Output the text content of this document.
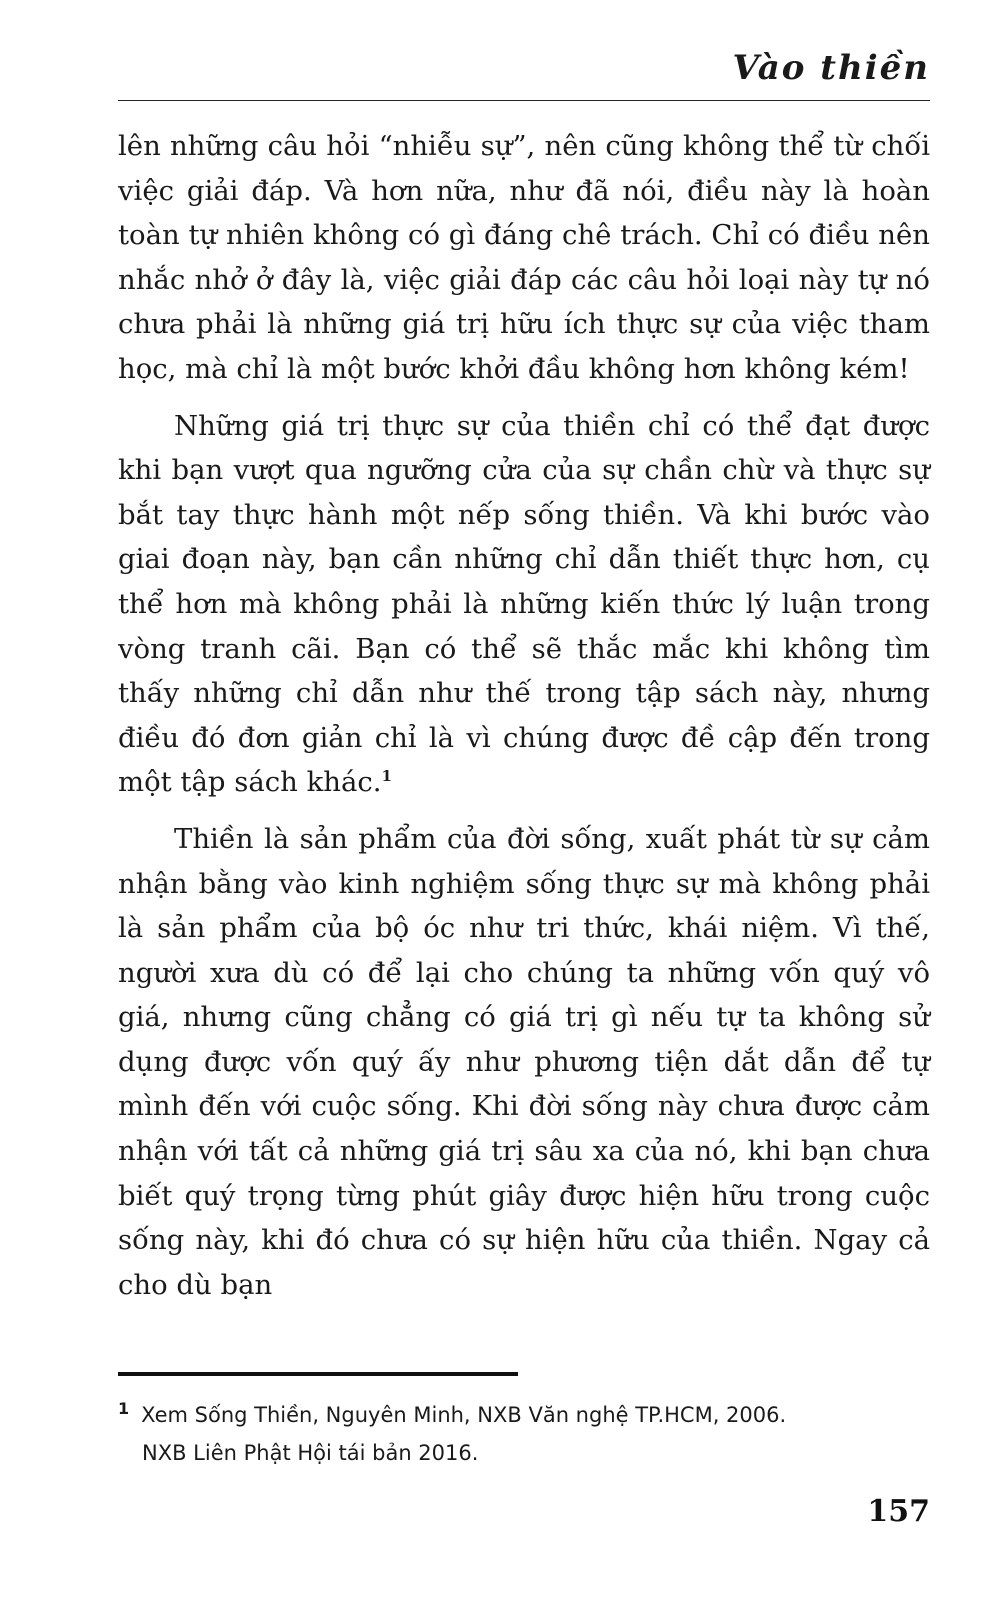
Vào thiền

lên những câu hỏi “nhiễu sự”, nên cũng không thể từ chối việc giải đáp. Và hơn nữa, như đã nói, điều này là hoàn toàn tự nhiên không có gì đáng chê trách. Chỉ có điều nên nhắc nhở ở đây là, việc giải đáp các câu hỏi loại này tự nó chưa phải là những giá trị hữu ích thực sự của việc tham học, mà chỉ là một bước khởi đầu không hơn không kém!

Những giá trị thực sự của thiền chỉ có thể đạt được khi bạn vượt qua ngưỡng cửa của sự chần chừ và thực sự bắt tay thực hành một nếp sống thiền. Và khi bước vào giai đoạn này, bạn cần những chỉ dẫn thiết thực hơn, cụ thể hơn mà không phải là những kiến thức lý luận trong vòng tranh cãi. Bạn có thể sẽ thắc mắc khi không tìm thấy những chỉ dẫn như thế trong tập sách này, nhưng điều đó đơn giản chỉ là vì chúng được đề cập đến trong một tập sách khác.$^1$

Thiền là sản phẩm của đời sống, xuất phát từ sự cảm nhận bằng vào kinh nghiệm sống thực sự mà không phải là sản phẩm của bộ óc như tri thức, khái niệm. Vì thế, người xưa dù có để lại cho chúng ta những vốn quý vô giá, nhưng cũng chẳng có giá trị gì nếu tự ta không sử dụng được vốn quý ấy như phương tiện dắt dẫn để tự mình đến với cuộc sống. Khi đời sống này chưa được cảm nhận với tất cả những giá trị sâu xa của nó, khi bạn chưa biết quý trọng từng phút giây được hiện hữu trong cuộc sống này, khi đó chưa có sự hiện hữu của thiền. Ngay cả cho dù bạn

$^1$ Xem Sống Thiền, Nguyên Minh, NXB Văn nghệ TP.HCM, 2006.
NXB Liên Phật Hội tái bản 2016.
157
